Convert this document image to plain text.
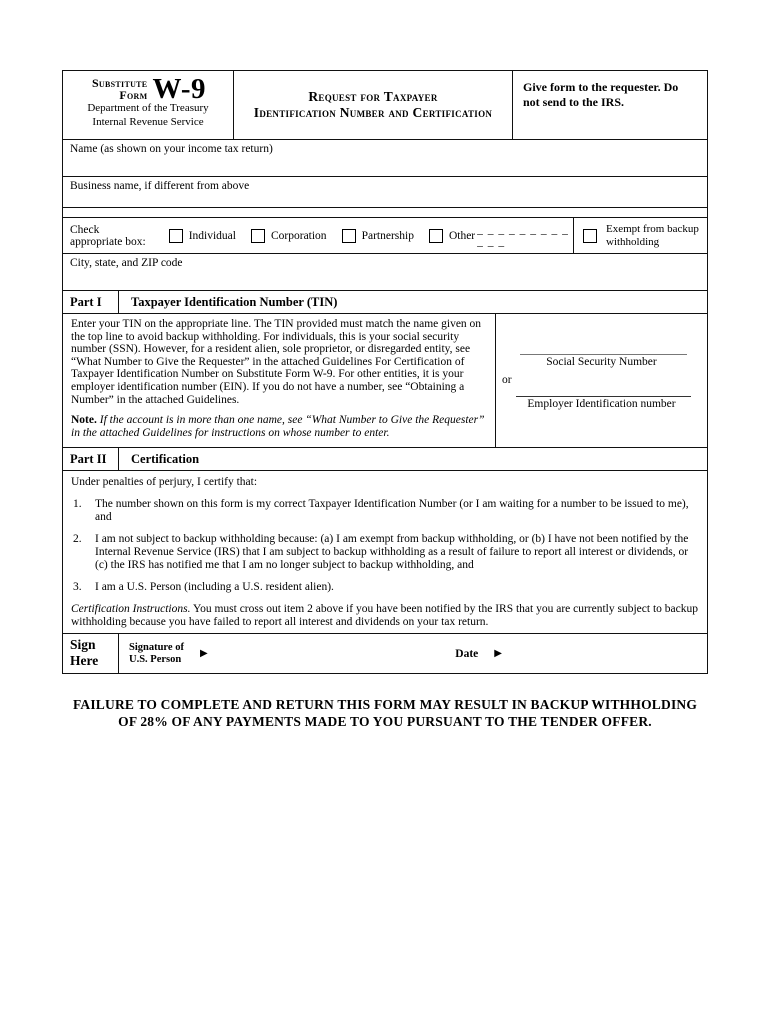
Substitute
Form W-9
Department of the Treasury
Internal Revenue Service
Request for Taxpayer
Identification Number and Certification
Give form to the requester. Do not send to the IRS.
Name (as shown on your income tax return)
Business name, if different from above
Check appropriate box:	Individual	Corporation	Partnership	Other _ _ _ _ _ _ _ _ _ _ _ _
Exempt from backup withholding
City, state, and ZIP code
Part I	Taxpayer Identification Number (TIN)

Enter your TIN on the appropriate line. The TIN provided must match the name given on the top line to avoid backup withholding. For individuals, this is your social security number (SSN). However, for a resident alien, sole proprietor, or disregarded entity, see “What Number to Give the Requester” in the attached Guidelines For Certification of Taxpayer Identification Number on Substitute Form W-9. For other entities, it is your employer identification number (EIN). If you do not have a number, see “Obtaining a Number” in the attached Guidelines.

Note. If the account is in more than one name, see “What Number to Give the Requester” in the attached Guidelines for instructions on whose number to enter.

or
Social Security Number
Employer Identification number
Part II	Certification

Under penalties of perjury, I certify that:

1.	The number shown on this form is my correct Taxpayer Identification Number (or I am waiting for a number to be issued to me), and
2.	I am not subject to backup withholding because: (a) I am exempt from backup withholding, or (b) I have not been notified by the Internal Revenue Service (IRS) that I am subject to backup withholding as a result of failure to report all interest or dividends, or (c) the IRS has notified me that I am no longer subject to backup withholding, and
3.	I am a U.S. Person (including a U.S. resident alien).

Certification Instructions. You must cross out item 2 above if you have been notified by the IRS that you are currently subject to backup withholding because you have failed to report all interest and dividends on your tax return.

Sign
Here
Signature of
U.S. Person
▶	Date ▶
FAILURE TO COMPLETE AND RETURN THIS FORM MAY RESULT IN BACKUP WITHHOLDING
OF 28% OF ANY PAYMENTS MADE TO YOU PURSUANT TO THE TENDER OFFER.
